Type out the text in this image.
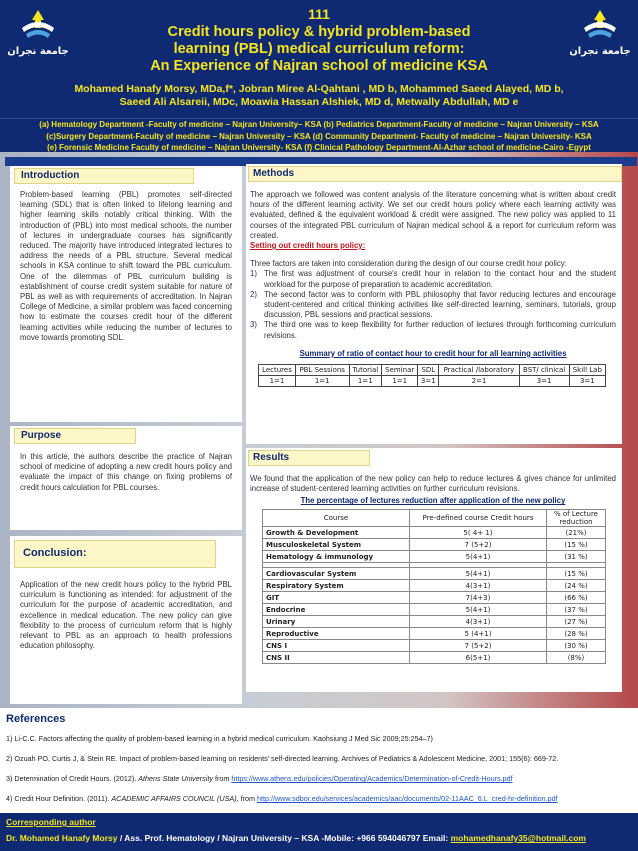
جامعة نجران	جامعة نجران
111
Credit hours policy & hybrid problem-based
learning (PBL) medical curriculum reform:
An Experience of Najran school of medicine KSA
Mohamed Hanafy Morsy, MDa,f*, Jobran Miree Al-Qahtani , MD b, Mohammed Saeed Alayed, MD b,
Saeed Ali Alsareii, MDc, Moawia Hassan Alshiek, MD d, Metwally Abdullah, MD e
(a) Hematology Department -Faculty of medicine – Najran University– KSA (b) Pediatrics Department-Faculty of medicine – Najran University – KSA
(c)Surgery Department-Faculty of medicine – Najran University – KSA (d) Community Department- Faculty of medicine – Najran University- KSA
(e) Forensic Medicine Faculty of medicine – Najran University- KSA (f) Clinical Pathology Department-Al-Azhar school of medicine-Cairo -Egypt
Introduction
Problem-based learning (PBL) promotes self-directed learning (SDL) that is often linked to lifelong learning and higher learning skills notably critical thinking. With the introduction of (PBL) into most medical schools, the number of lectures in undergraduate courses has significantly reduced. The majority have introduced integrated lectures to address the needs of a PBL structure. Several medical schools in KSA continue to shift toward the PBL curriculum. One of the dilemmas of PBL curriculum building is establishment of course credit system suitable for nature of PBL as well as with requirements of accreditation. In Najran College of Medicine, a similar problem was faced concerning how to estimate the courses credit hour of the different learning activities while reducing the number of lectures to move towards promoting SDL.
Purpose
In this article, the authors describe the practice of Najran school of medicine of adopting a new credit hours policy and evaluate the impact of this change on fixing problems of credit hours calculation for PBL courses.
Conclusion:
Application of the new credit hours policy to the hybrid PBL curriculum is functioning as intended: for adjustment of the curriculum for the purpose of academic accreditation, and excellence in medical education. The new policy can give flexibility to the process of curriculum reform that is highly relevant to PBL as an approach to health professions education philosophy.
Methods
The approach we followed was content analysis of the literature concerning what is written about credit hours of the different learning activity. We set our credit hours policy where each learning activity was evaluated, defined & the equivalent workload & credit were assigned. The new policy was applied to 11 courses of the integrated PBL curriculum of Najran medical school & a report for curriculum reform was created.
Setting out credit hours policy:
Three factors are taken into consideration during the design of our course credit hour policy:
1) The first was adjustment of course's credit hour in relation to the contact hour and the student workload for the purpose of preparation to academic accreditation.
2) The second factor was to conform with PBL philosophy that favor reducing lectures and encourage student-centered and critical thinking activities like self-directed learning, seminars, tutorials, group discussion, PBL sessions and practical sessions.
3) The third one was to keep flexibility for further reduction of lectures through forthcoming curriculum revisions.
Summary of ratio of contact hour to credit hour for all learning activities
Lectures	PBL Sessions	Tutorial	Seminar	SDL	Practical /laboratory	BST/ clinical	Skill Lab
1=1	1=1	1=1	1=1	3=1	2=1	3=1	3=1
Results
We found that the application of the new policy can help to reduce lectures & gives chance for unlimited increase of student-centered learning activities on further curriculum revisions.
The percentage of lectures reduction after application of the new policy
Course	Pre-defined course Credit hours	% of Lecture reduction
Growth & Development	5( 4+ 1)	(21%)
Musculoskeletal System	7 (5+2)	(15 %)
Hematology & immunology	5(4+1)	(31 %)

Cardiovascular System	5(4+1)	(15 %)
Respiratory System	4(3+1)	(24 %)
GIT	7(4+3)	(66 %)
Endocrine	5(4+1)	(37 %)
Urinary	4(3+1)	(27 %)
Reproductive	5 (4+1)	(28 %)
CNS I	7 (5+2)	(30 %)
CNS II	6(5+1)	(8%)
References
1) Li-C.C. Factors affecting the quality of problem-based learning in a hybrid medical curriculum. Kaohsiung J Med Sic 2009;25:254–7)
2) Ozuah PO, Curtis J, & Stein RE. Impact of problem-based learning on residents' self-directed learning. Archives of Pediatrics & Adolescent Medicine, 2001; 155(6): 669-72.
3) Determination of Credit Hours. (2012). Athens State University from https://www.athens.edu/policies/Operating/Academics/Determination-of-Credit-Hours.pdf
4) Credit Hour Definition. (2011). ACADEMIC AFFAIRS COUNCIL (USA), from http://www.sdbor.edu/services/academics/aac/documents/02-11AAC_6.L_cred-hr-definition.pdf
Corresponding author
Dr. Mohamed Hanafy Morsy / Ass. Prof. Hematology / Najran University – KSA -Mobile: +966 594046797 Email: mohamedhanafy35@hotmail.com
